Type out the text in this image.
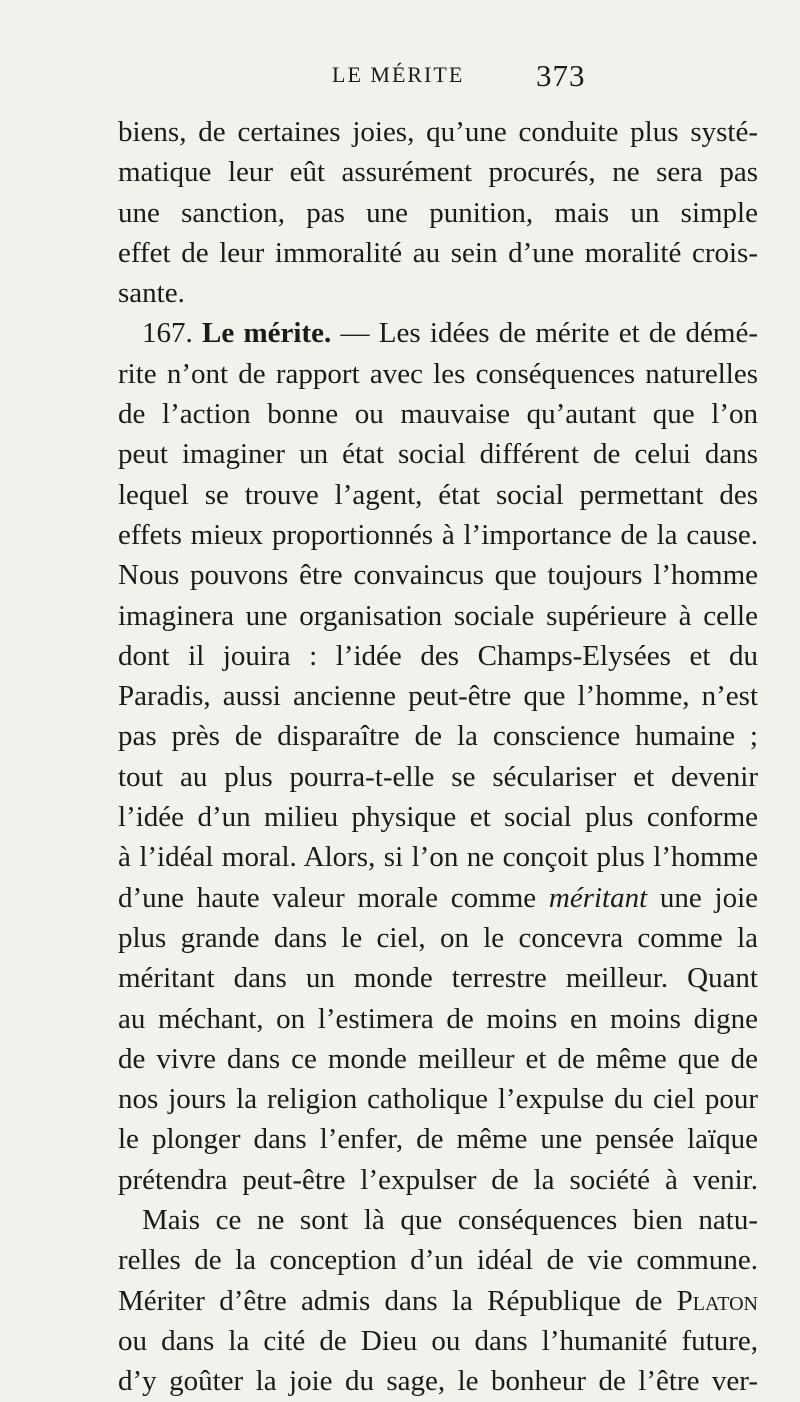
LE MÉRITE 373
biens, de certaines joies, qu’une conduite plus systé-
matique leur eût assurément procurés, ne sera pas
une sanction, pas une punition, mais un simple
effet de leur immoralité au sein d’une moralité crois-
sante.
167. Le mérite. — Les idées de mérite et de démé-
rite n’ont de rapport avec les conséquences naturelles
de l’action bonne ou mauvaise qu’autant que l’on
peut imaginer un état social différent de celui dans
lequel se trouve l’agent, état social permettant des
effets mieux proportionnés à l’importance de la cause.
Nous pouvons être convaincus que toujours l’homme
imaginera une organisation sociale supérieure à celle
dont il jouira : l’idée des Champs-Elysées et du
Paradis, aussi ancienne peut-être que l’homme, n’est
pas près de disparaître de la conscience humaine ;
tout au plus pourra-t-elle se séculariser et devenir
l’idée d’un milieu physique et social plus conforme
à l’idéal moral. Alors, si l’on ne conçoit plus l’homme
d’une haute valeur morale comme méritant une joie
plus grande dans le ciel, on le concevra comme la
méritant dans un monde terrestre meilleur. Quant
au méchant, on l’estimera de moins en moins digne
de vivre dans ce monde meilleur et de même que de
nos jours la religion catholique l’expulse du ciel pour
le plonger dans l’enfer, de même une pensée laïque
prétendra peut-être l’expulser de la société à venir.
Mais ce ne sont là que conséquences bien natu-
relles de la conception d’un idéal de vie commune.
Mériter d’être admis dans la République de Platon
ou dans la cité de Dieu ou dans l’humanité future,
d’y goûter la joie du sage, le bonheur de l’être ver-
